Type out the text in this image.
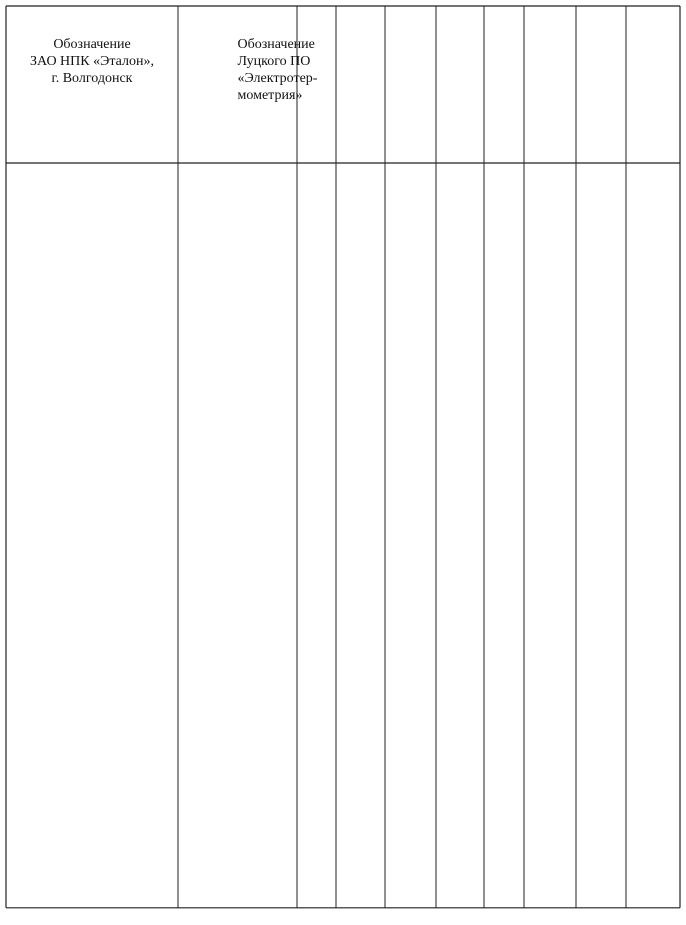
Обозначение
ЗАО НПК «Эталон»,
г. Волгодонск
Обозначение
Луцкого ПО
«Электротер-
мометрия»
